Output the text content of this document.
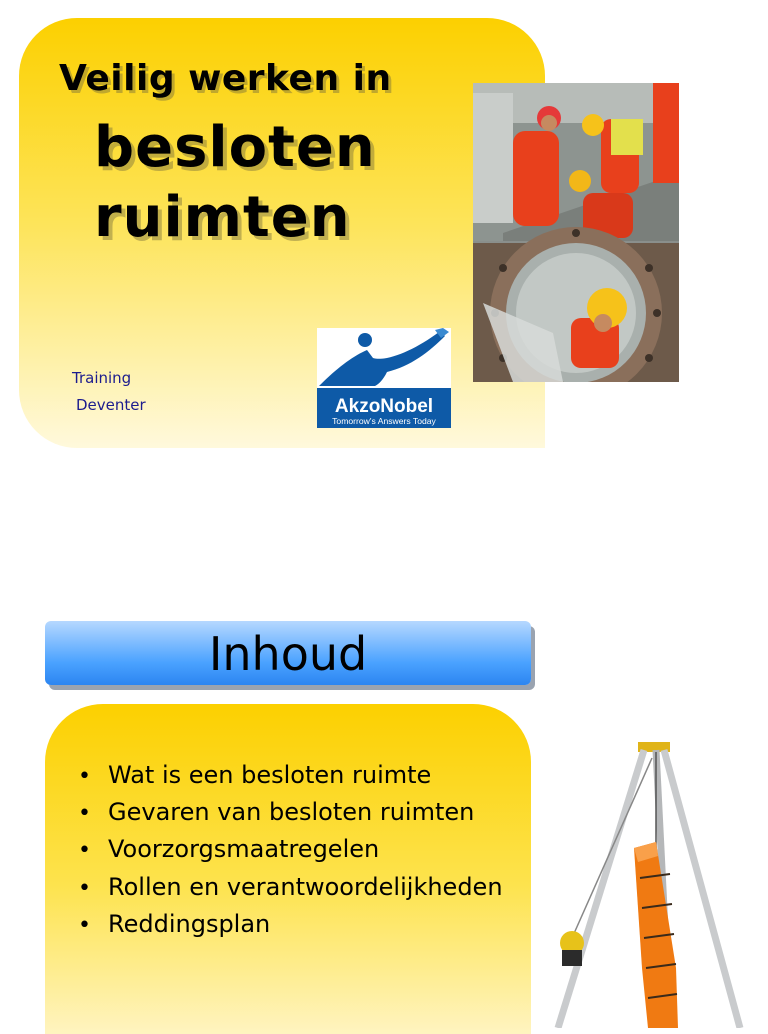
Veilig werken in
besloten
ruimten
Training
Deventer	AkzoNobel
Tomorrow's Answers Today
Inhoud
• Wat is een besloten ruimte
• Gevaren van besloten ruimten
• Voorzorgsmaatregelen
• Rollen en verantwoordelijkheden
• Reddingsplan
